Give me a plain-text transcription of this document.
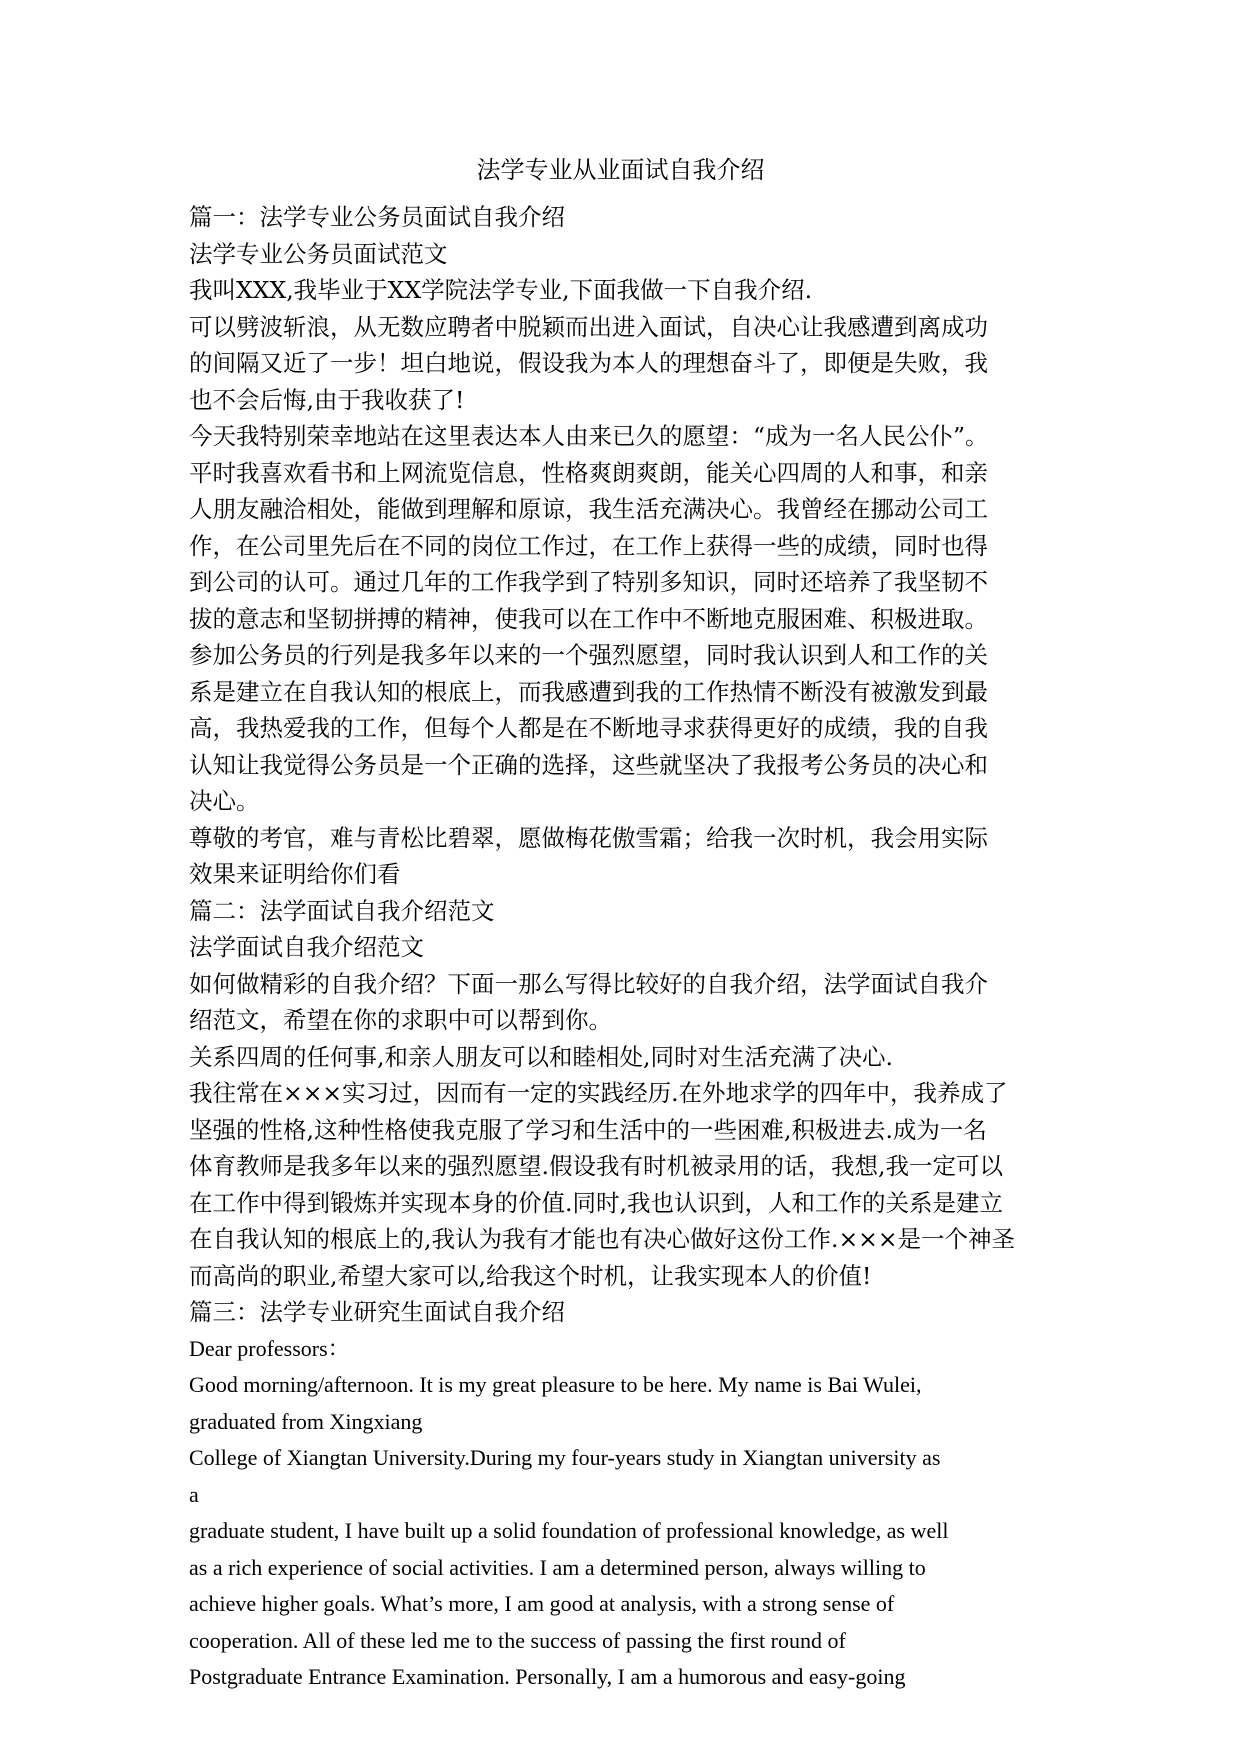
法学专业从业面试自我介绍
篇一：法学专业公务员面试自我介绍
法学专业公务员面试范文
我叫XXX,我毕业于XX学院法学专业,下面我做一下自我介绍.
可以劈波斩浪，从无数应聘者中脱颖而出进入面试，自决心让我感遭到离成功
的间隔又近了一步！坦白地说，假设我为本人的理想奋斗了，即便是失败，我
也不会后悔,由于我收获了!
今天我特别荣幸地站在这里表达本人由来已久的愿望：“成为一名人民公仆”。
平时我喜欢看书和上网流览信息，性格爽朗爽朗，能关心四周的人和事，和亲
人朋友融洽相处，能做到理解和原谅，我生活充满决心。我曾经在挪动公司工
作，在公司里先后在不同的岗位工作过，在工作上获得一些的成绩，同时也得
到公司的认可。通过几年的工作我学到了特别多知识，同时还培养了我坚韧不
拔的意志和坚韧拼搏的精神，使我可以在工作中不断地克服困难、积极进取。
参加公务员的行列是我多年以来的一个强烈愿望，同时我认识到人和工作的关
系是建立在自我认知的根底上，而我感遭到我的工作热情不断没有被激发到最
高，我热爱我的工作，但每个人都是在不断地寻求获得更好的成绩，我的自我
认知让我觉得公务员是一个正确的选择，这些就坚决了我报考公务员的决心和
决心。
尊敬的考官，难与青松比碧翠，愿做梅花傲雪霜；给我一次时机，我会用实际
效果来证明给你们看
篇二：法学面试自我介绍范文
法学面试自我介绍范文
如何做精彩的自我介绍？下面一那么写得比较好的自我介绍，法学面试自我介
绍范文，希望在你的求职中可以帮到你。
关系四周的任何事,和亲人朋友可以和睦相处,同时对生活充满了决心.
我往常在×××实习过，因而有一定的实践经历.在外地求学的四年中，我养成了
坚强的性格,这种性格使我克服了学习和生活中的一些困难,积极进去.成为一名
体育教师是我多年以来的强烈愿望.假设我有时机被录用的话，我想,我一定可以
在工作中得到锻炼并实现本身的价值.同时,我也认识到，人和工作的关系是建立
在自我认知的根底上的,我认为我有才能也有决心做好这份工作.×××是一个神圣
而高尚的职业,希望大家可以,给我这个时机，让我实现本人的价值!
篇三：法学专业研究生面试自我介绍
Dear professors：
Good morning/afternoon. It is my great pleasure to be here. My name is Bai Wulei,
graduated from Xingxiang
College of Xiangtan University.During my four-years study in Xiangtan university as
a
graduate student, I have built up a solid foundation of professional knowledge, as well
as a rich experience of social activities. I am a determined person, always willing to
achieve higher goals. What’s more, I am good at analysis, with a strong sense of
cooperation. All of these led me to the success of passing the first round of
Postgraduate Entrance Examination. Personally, I am a humorous and easy-going
